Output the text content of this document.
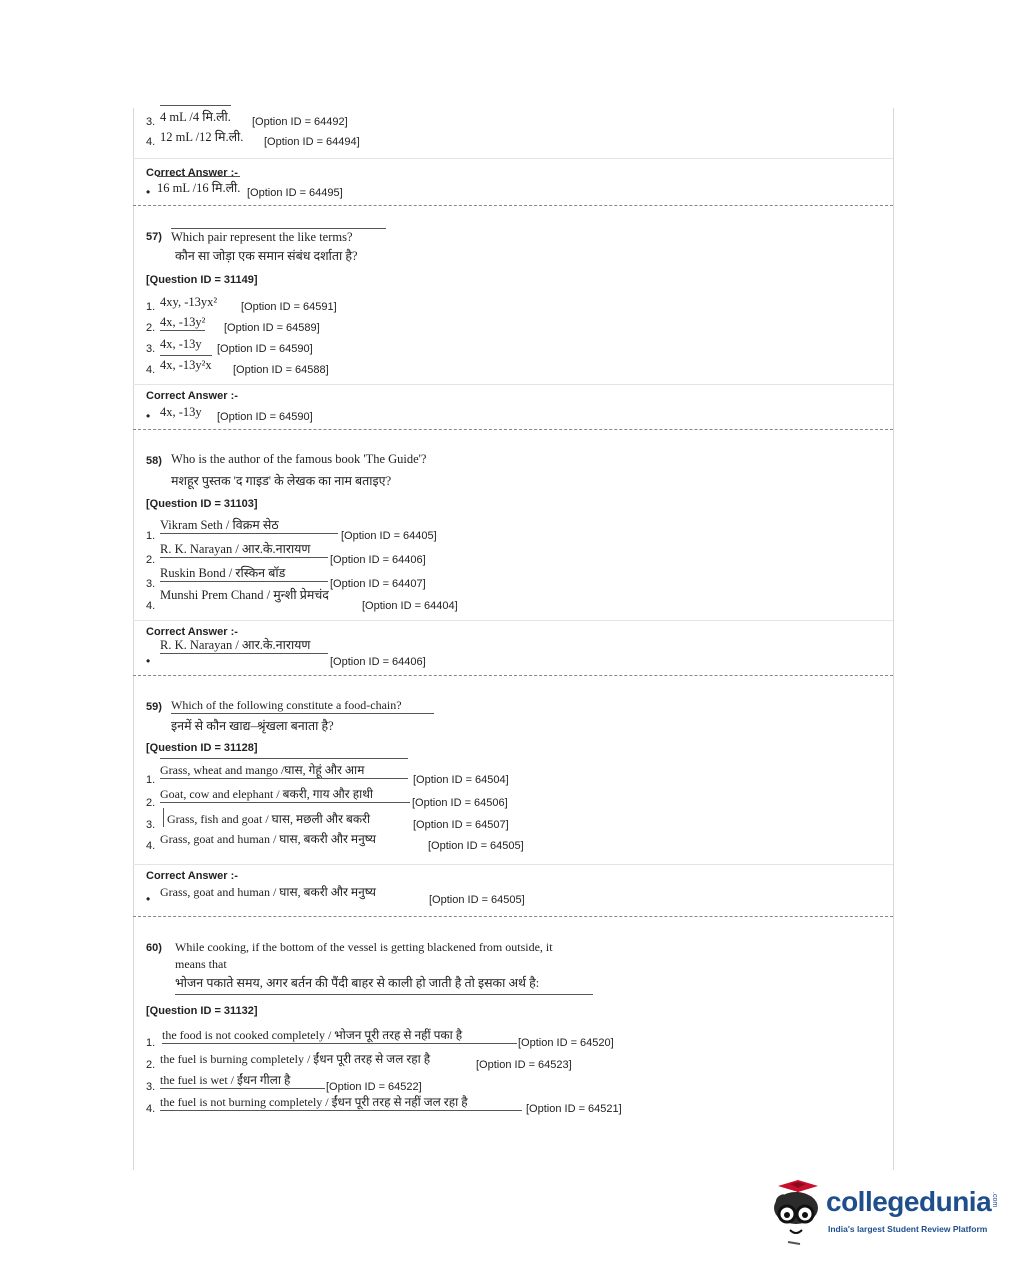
3. 4 mL /4 मि.ली. [Option ID = 64492]
4. 12 mL /12 मि.ली. [Option ID = 64494]
Correct Answer :-
• 16 mL /16 मि.ली. [Option ID = 64495]
57) Which pair represent the like terms?
कौन सा जोड़ा एक समान संबंध दर्शाता है?
[Question ID = 31149]
1. 4xy, -13yx² [Option ID = 64591]
2. 4x, -13y² [Option ID = 64589]
3. 4x, -13y [Option ID = 64590]
4. 4x, -13y²x [Option ID = 64588]
Correct Answer :-
• 4x, -13y [Option ID = 64590]
58) Who is the author of the famous book 'The Guide'?
मशहूर पुस्तक 'द गाइड' के लेखक का नाम बताइए?
[Question ID = 31103]
1.
Vikram Seth / विक्रम सेठ
[Option ID = 64405]
2.
R. K. Narayan / आर.के.नारायण
[Option ID = 64406]
3.
Ruskin Bond / रस्किन बॉड
[Option ID = 64407]
4.
Munshi Prem Chand / मुन्शी प्रेमचंद
[Option ID = 64404]
Correct Answer :-
•
R. K. Narayan / आर.के.नारायण
[Option ID = 64406]
59) Which of the following constitute a food-chain?
इनमें से कौन खाद्य–श्रृंखला बनाता है?
[Question ID = 31128]
1.
Grass, wheat and mango /घास, गेहूं और आम
[Option ID = 64504]
2.
Goat, cow and elephant / बकरी, गाय और हाथी
[Option ID = 64506]
3. Grass, fish and goat / घास, मछली और बकरी	[Option ID = 64507]
4. Grass, goat and human / घास, बकरी और मनुष्य	[Option ID = 64505]
Correct Answer :-
• Grass, goat and human / घास, बकरी और मनुष्य
[Option ID = 64505]
60) While cooking, if the bottom of the vessel is getting blackened from outside, it
means that
भोजन पकाते समय, अगर बर्तन की पैंदी बाहर से काली हो जाती है तो इसका अर्थ है:
[Question ID = 31132]
1.
the food is not cooked completely / भोजन पूरी तरह से नहीं पका है
[Option ID = 64520]
2. the fuel is burning completely / ईंधन पूरी तरह से जल रहा है	[Option ID = 64523]
3. the fuel is wet / ईंधन गीला है	[Option ID = 64522]
4. the fuel is not burning completely / ईंधन पूरी तरह से नहीं जल रहा है	[Option ID = 64521]
collegedunia.com
India's largest Student Review Platform
